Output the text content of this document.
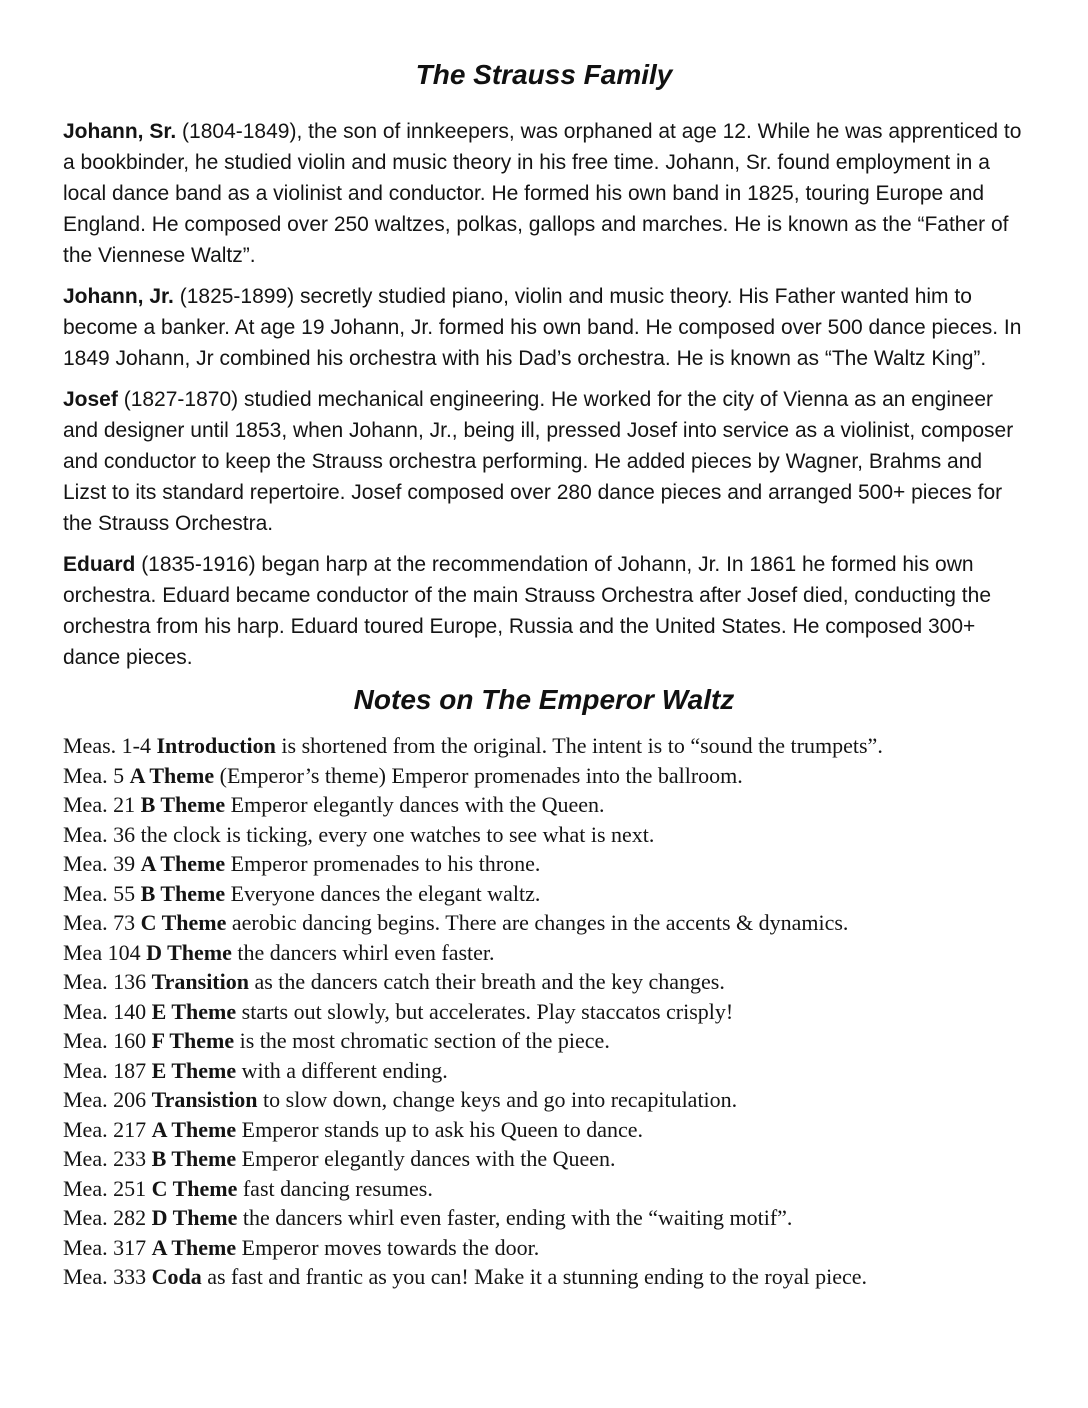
The Strauss Family

Johann, Sr. (1804-1849), the son of innkeepers, was orphaned at age 12. While he was apprenticed to a bookbinder, he studied violin and music theory in his free time. Johann, Sr. found employment in a local dance band as a violinist and conductor. He formed his own band in 1825, touring Europe and England. He composed over 250 waltzes, polkas, gallops and marches. He is known as the “Father of the Viennese Waltz”.

Johann, Jr. (1825-1899) secretly studied piano, violin and music theory. His Father wanted him to become a banker. At age 19 Johann, Jr. formed his own band. He composed over 500 dance pieces. In 1849 Johann, Jr combined his orchestra with his Dad’s orchestra. He is known as “The Waltz King”.

Josef (1827-1870) studied mechanical engineering. He worked for the city of Vienna as an engineer and designer until 1853, when Johann, Jr., being ill, pressed Josef into service as a violinist, composer and conductor to keep the Strauss orchestra performing. He added pieces by Wagner, Brahms and Lizst to its standard repertoire. Josef composed over 280 dance pieces and arranged 500+ pieces for the Strauss Orchestra.

Eduard (1835-1916) began harp at the recommendation of Johann, Jr. In 1861 he formed his own orchestra. Eduard became conductor of the main Strauss Orchestra after Josef died, conducting the orchestra from his harp. Eduard toured Europe, Russia and the United States. He composed 300+ dance pieces.

Notes on The Emperor Waltz

Meas. 1-4 Introduction is shortened from the original. The intent is to “sound the trumpets”.

Mea. 5 A Theme (Emperor’s theme) Emperor promenades into the ballroom.

Mea. 21 B Theme Emperor elegantly dances with the Queen.

Mea. 36 the clock is ticking, every one watches to see what is next.

Mea. 39 A Theme Emperor promenades to his throne.

Mea. 55 B Theme Everyone dances the elegant waltz.

Mea. 73 C Theme aerobic dancing begins. There are changes in the accents & dynamics.

Mea 104 D Theme the dancers whirl even faster.

Mea. 136 Transition as the dancers catch their breath and the key changes.

Mea. 140 E Theme starts out slowly, but accelerates. Play staccatos crisply!

Mea. 160 F Theme is the most chromatic section of the piece.

Mea. 187 E Theme with a different ending.

Mea. 206 Transistion to slow down, change keys and go into recapitulation.

Mea. 217 A Theme Emperor stands up to ask his Queen to dance.

Mea. 233 B Theme Emperor elegantly dances with the Queen.

Mea. 251 C Theme fast dancing resumes.

Mea. 282 D Theme the dancers whirl even faster, ending with the “waiting motif”.

Mea. 317 A Theme Emperor moves towards the door.

Mea. 333 Coda as fast and frantic as you can! Make it a stunning ending to the royal piece.
